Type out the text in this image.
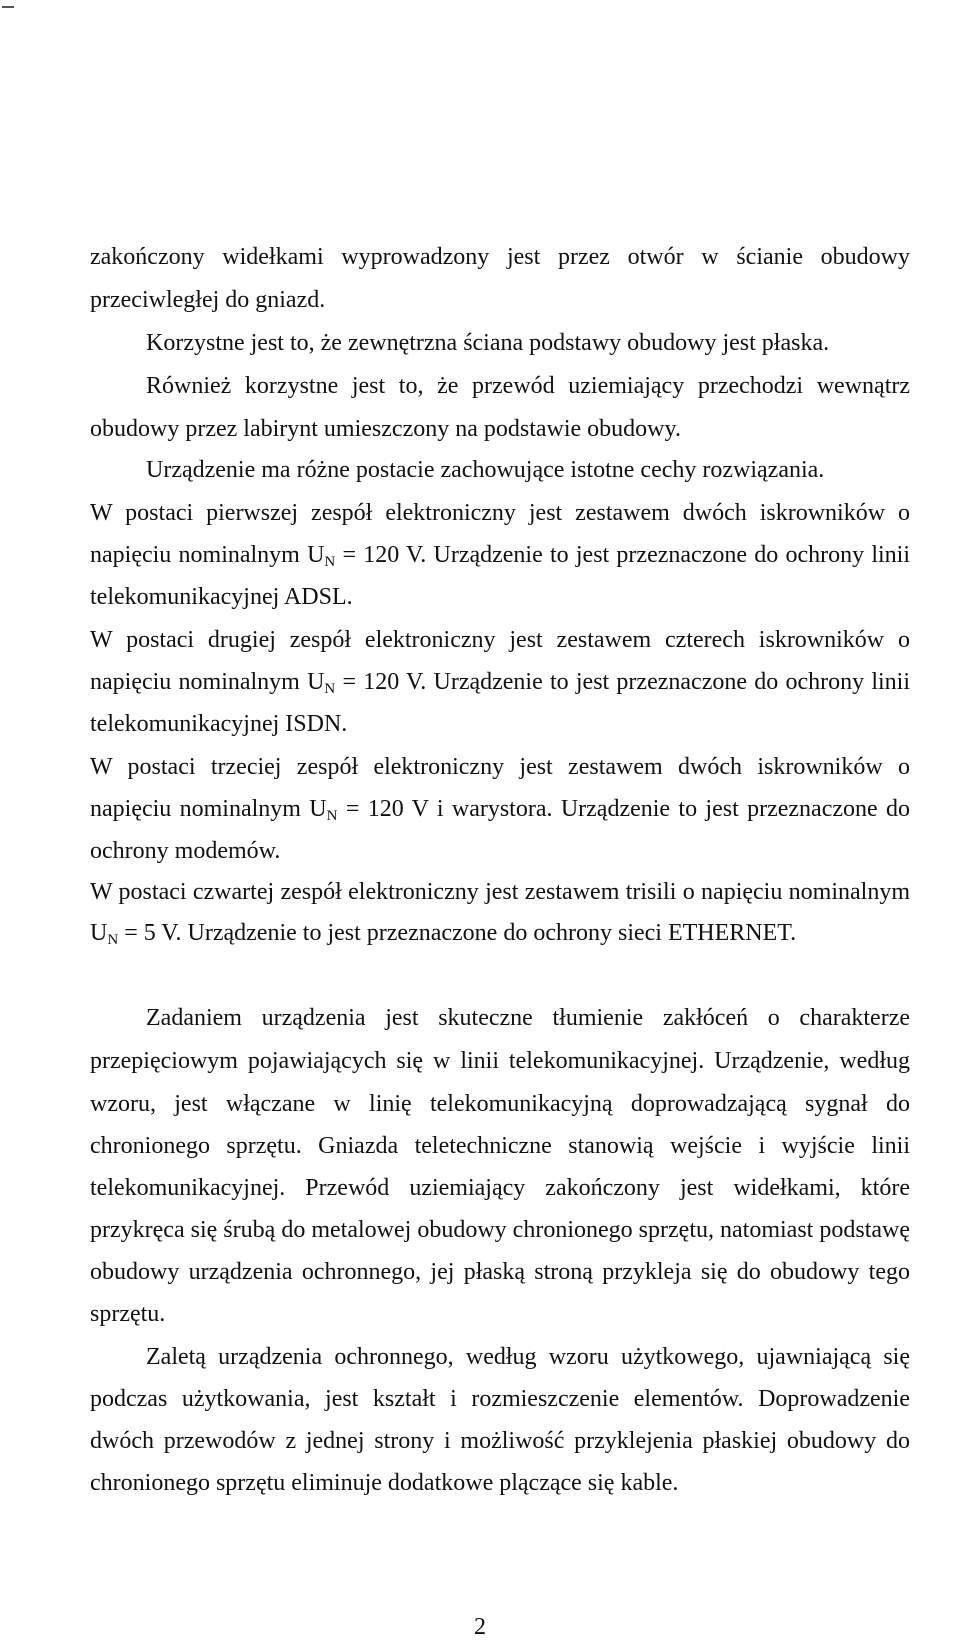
zakończony widełkami wyprowadzony jest przez otwór w ścianie obudowy
przeciwległej do gniazd.
Korzystne jest to, że zewnętrzna ściana podstawy obudowy jest płaska.
Również korzystne jest to, że przewód uziemiający przechodzi wewnątrz
obudowy przez labirynt umieszczony na podstawie obudowy.
Urządzenie ma różne postacie zachowujące istotne cechy rozwiązania.
W postaci pierwszej zespół elektroniczny jest zestawem dwóch iskrowników o
napięciu nominalnym $U_N = 120$ V. Urządzenie to jest przeznaczone do ochrony linii
telekomunikacyjnej ADSL.
W postaci drugiej zespół elektroniczny jest zestawem czterech iskrowników o
napięciu nominalnym $U_N = 120$ V. Urządzenie to jest przeznaczone do ochrony linii
telekomunikacyjnej ISDN.
W postaci trzeciej zespół elektroniczny jest zestawem dwóch iskrowników o
napięciu nominalnym $U_N = 120$ V i warystora. Urządzenie to jest przeznaczone do
ochrony modemów.
W postaci czwartej zespół elektroniczny jest zestawem trisili o napięciu nominalnym
$U_N = 5$ V. Urządzenie to jest przeznaczone do ochrony sieci ETHERNET.
Zadaniem urządzenia jest skuteczne tłumienie zakłóceń o charakterze
przepięciowym pojawiających się w linii telekomunikacyjnej. Urządzenie, według
wzoru, jest włączane w linię telekomunikacyjną doprowadzającą sygnał do
chronionego sprzętu. Gniazda teletechniczne stanowią wejście i wyjście linii
telekomunikacyjnej. Przewód uziemiający zakończony jest widełkami, które
przykręca się śrubą do metalowej obudowy chronionego sprzętu, natomiast podstawę
obudowy urządzenia ochronnego, jej płaską stroną przykleja się do obudowy tego
sprzętu.
Zaletą urządzenia ochronnego, według wzoru użytkowego, ujawniającą się
podczas użytkowania, jest kształt i rozmieszczenie elementów. Doprowadzenie
dwóch przewodów z jednej strony i możliwość przyklejenia płaskiej obudowy do
chronionego sprzętu eliminuje dodatkowe plączące się kable.
2
